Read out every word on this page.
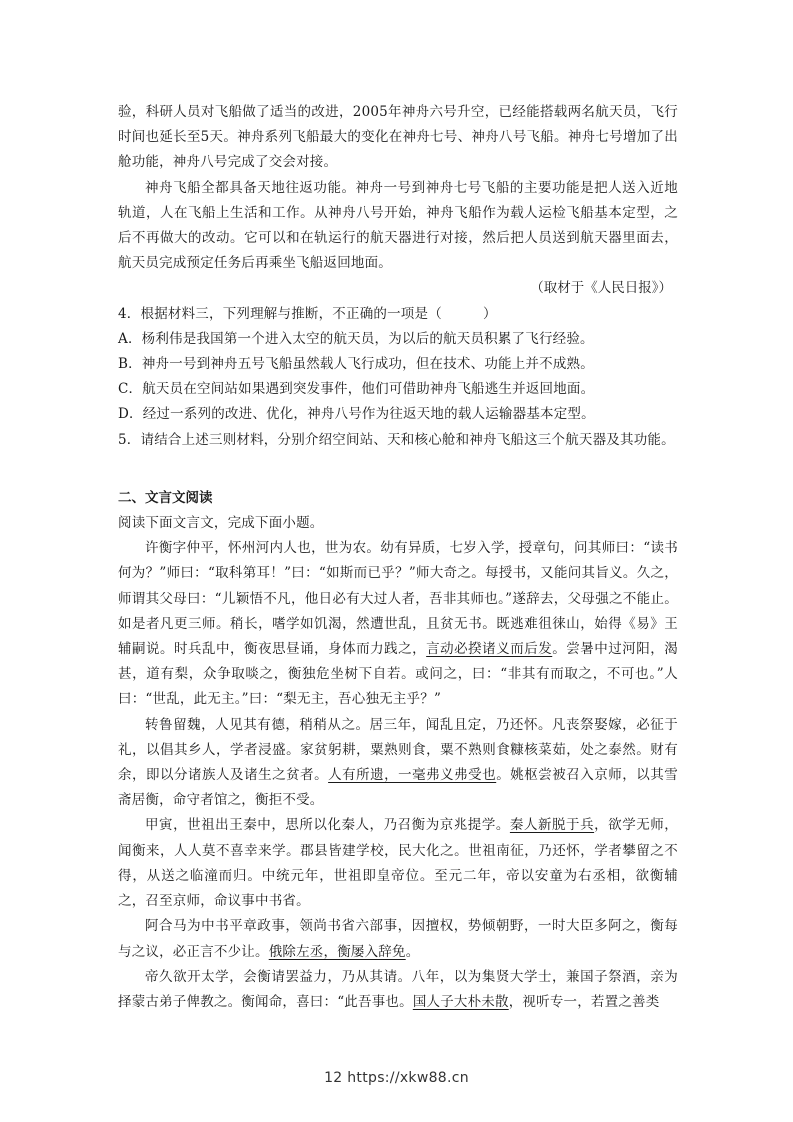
验，科研人员对飞船做了适当的改进，2005年神舟六号升空，已经能搭载两名航天员，飞行时间也延长至5天。神舟系列飞船最大的变化在神舟七号、神舟八号飞船。神舟七号增加了出舱功能，神舟八号完成了交会对接。

神舟飞船全都具备天地往返功能。神舟一号到神舟七号飞船的主要功能是把人送入近地轨道，人在飞船上生活和工作。从神舟八号开始，神舟飞船作为载人运检飞船基本定型，之后不再做大的改动。它可以和在轨运行的航天器进行对接，然后把人员送到航天器里面去，航天员完成预定任务后再乘坐飞船返回地面。

（取材于《人民日报》）

4．根据材料三，下列理解与推断，不正确的一项是（　　　）

A．杨利伟是我国第一个进入太空的航天员，为以后的航天员积累了飞行经验。

B．神舟一号到神舟五号飞船虽然载人飞行成功，但在技术、功能上并不成熟。

C．航天员在空间站如果遇到突发事件，他们可借助神舟飞船逃生并返回地面。

D．经过一系列的改进、优化，神舟八号作为往返天地的载人运输器基本定型。

5．请结合上述三则材料，分别介绍空间站、天和核心舱和神舟飞船这三个航天器及其功能。

二、文言文阅读

阅读下面文言文，完成下面小题。

许衡字仲平，怀州河内人也，世为农。幼有异质，七岁入学，授章句，问其师曰：“读书何为？”师曰：“取科第耳！”曰：“如斯而已乎？”师大奇之。每授书，又能问其旨义。久之，师谓其父母曰：“儿颖悟不凡，他日必有大过人者，吾非其师也。”遂辞去，父母强之不能止。如是者凡更三师。稍长，嗜学如饥渴，然遭世乱，且贫无书。既逃难徂徕山，始得《易》王辅嗣说。时兵乱中，衡夜思昼诵，身体而力践之，言动必揆诸义而后发。尝暑中过河阳，渴甚，道有梨，众争取啖之，衡独危坐树下自若。或问之，曰：“非其有而取之，不可也。”人曰：“世乱，此无主。”曰：“梨无主，吾心独无主乎？”

转鲁留魏，人见其有德，稍稍从之。居三年，闻乱且定，乃还怀。凡丧祭娶嫁，必征于礼，以倡其乡人，学者浸盛。家贫躬耕，粟熟则食，粟不熟则食糠核菜茹，处之泰然。财有余，即以分诸族人及诸生之贫者。人有所遗，一毫弗义弗受也。姚枢尝被召入京师，以其雪斋居衡，命守者馆之，衡拒不受。

甲寅，世祖出王秦中，思所以化秦人，乃召衡为京兆提学。秦人新脱于兵，欲学无师，闻衡来，人人莫不喜幸来学。郡县皆建学校，民大化之。世祖南征，乃还怀，学者攀留之不得，从送之临潼而归。中统元年，世祖即皇帝位。至元二年，帝以安童为右丞相，欲衡辅之，召至京师，命议事中书省。

阿合马为中书平章政事，领尚书省六部事，因擅权，势倾朝野，一时大臣多阿之，衡每与之议，必正言不少让。俄除左丞，衡屡入辞免。

帝久欲开太学，会衡请罢益力，乃从其请。八年，以为集贤大学士，兼国子祭酒，亲为择蒙古弟子俾教之。衡闻命，喜曰：“此吾事也。国人子大朴未散，视听专一，若置之善类

12 https://xkw88.cn
